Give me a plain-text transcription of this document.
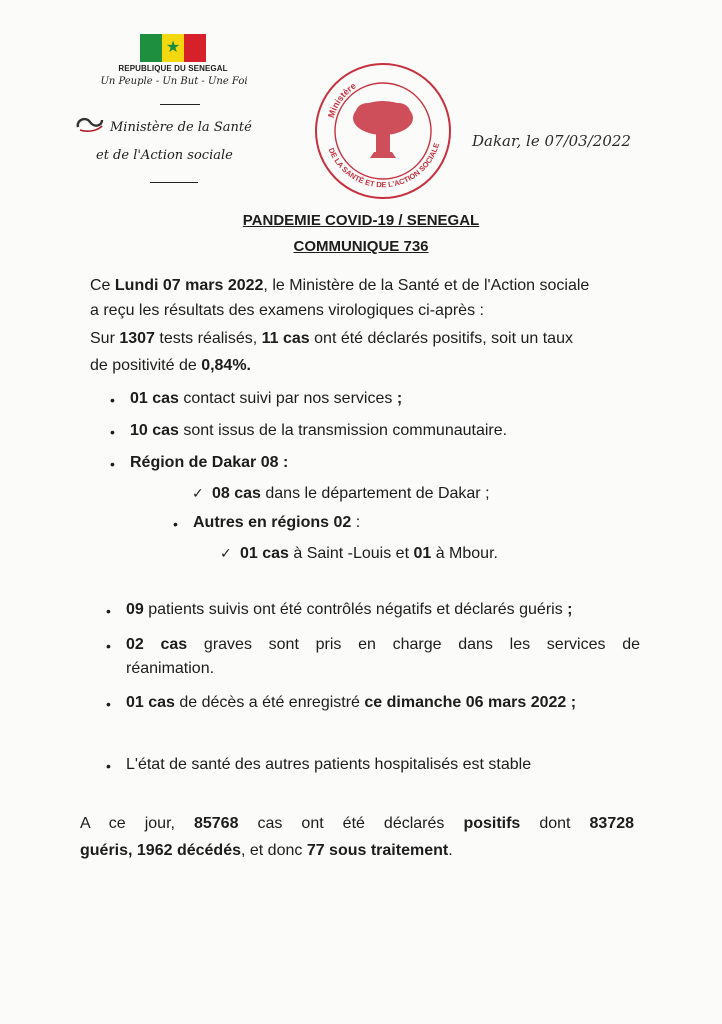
★
REPUBLIQUE DU SENEGAL
Un Peuple - Un But - Une Foi
Ministère de la Santé
et de l'Action sociale
Ministère
DE LA SANTÉ ET DE L'ACTION SOCIALE Dakar, le 07/03/2022
PANDEMIE COVID-19 / SENEGAL
COMMUNIQUE 736
Ce Lundi 07 mars 2022, le Ministère de la Santé et de l'Action sociale
a reçu les résultats des examens virologiques ci-après :
Sur 1307 tests réalisés, 11 cas ont été déclarés positifs, soit un taux
de positivité de 0,84%.
• 01 cas contact suivi par nos services ;
• 10 cas sont issus de la transmission communautaire.
• Région de Dakar 08 :
✓ 08 cas dans le département de Dakar ;
• Autres en régions 02 :
✓ 01 cas à Saint -Louis et 01 à Mbour.
• 09 patients suivis ont été contrôlés négatifs et déclarés guéris ;
• 02 cas graves sont pris en charge dans les services de
réanimation.
• 01 cas de décès a été enregistré ce dimanche 06 mars 2022 ;
• L'état de santé des autres patients hospitalisés est stable
A ce jour, 85768 cas ont été déclarés positifs dont 83728
guéris, 1962 décédés, et donc 77 sous traitement.
